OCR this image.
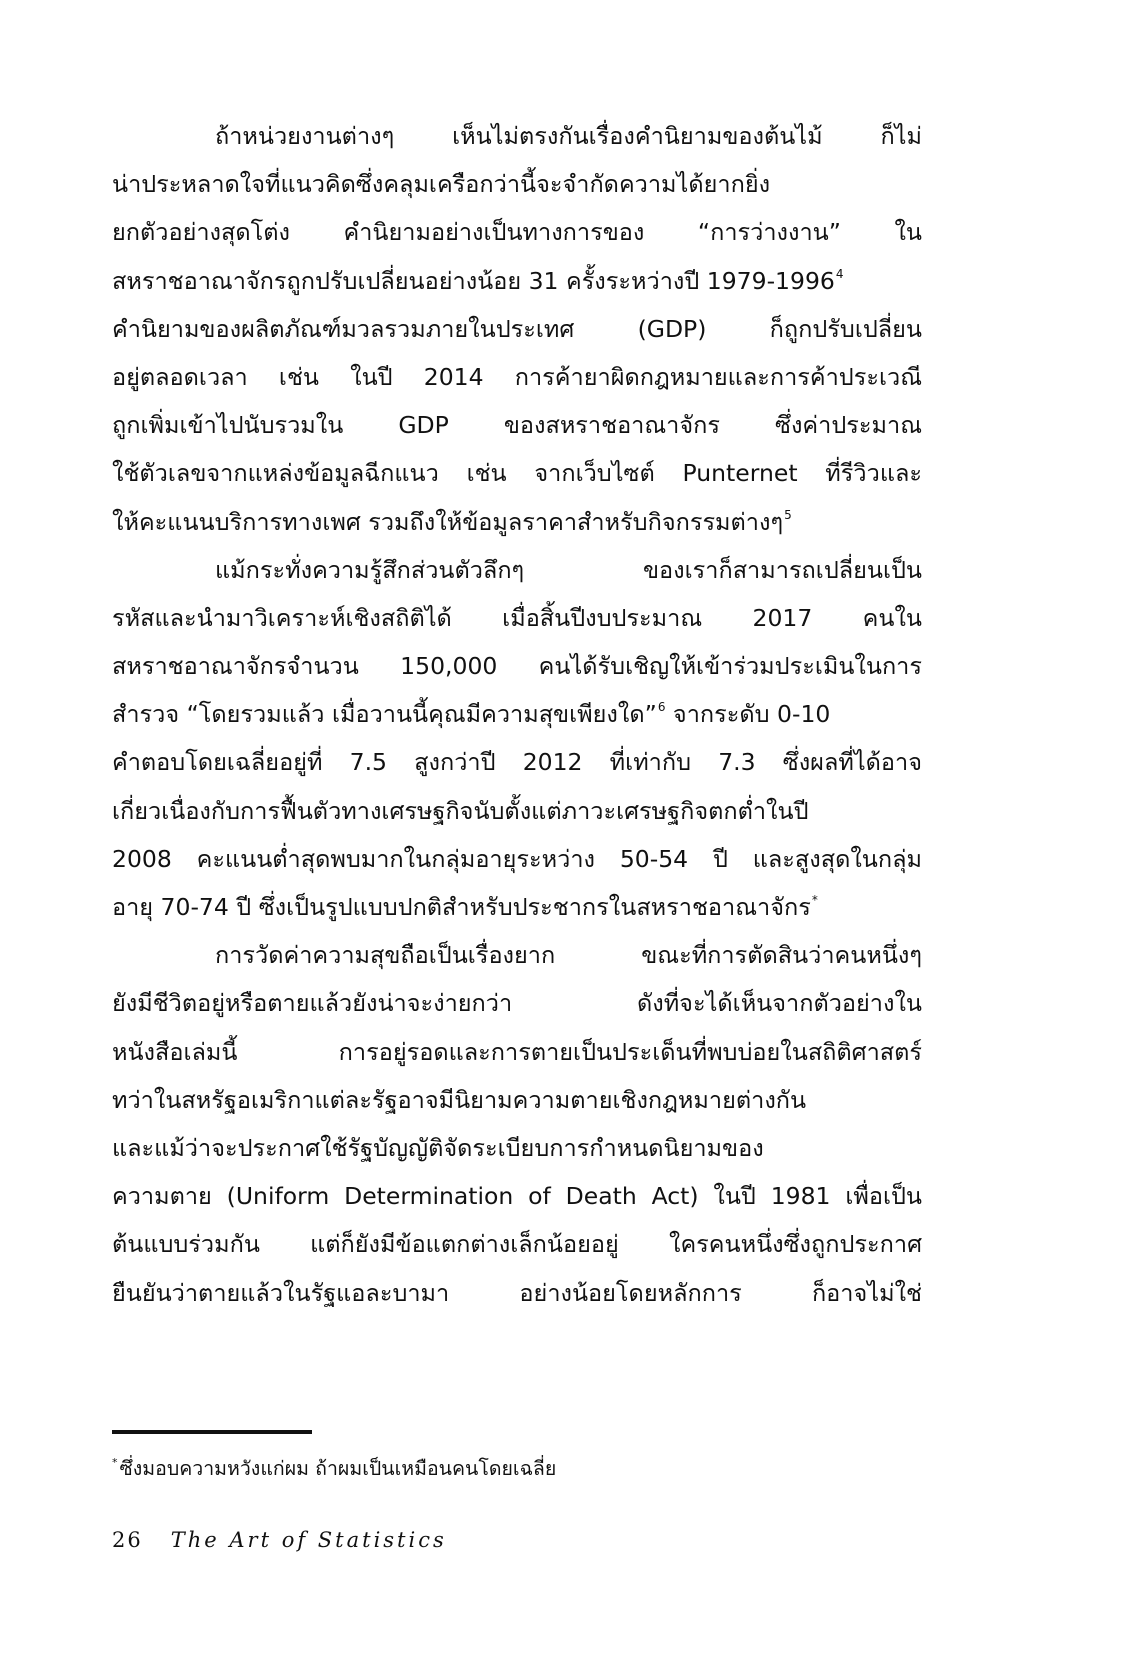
ถ้าหน่วยงานต่างๆ เห็นไม่ตรงกันเรื่องคำนิยามของต้นไม้ ก็ไม่
น่าประหลาดใจที่แนวคิดซึ่งคลุมเครือกว่านี้จะจำกัดความได้ยากยิ่ง
ยกตัวอย่างสุดโต่ง คำนิยามอย่างเป็นทางการของ “การว่างงาน” ใน
สหราชอาณาจักรถูกปรับเปลี่ยนอย่างน้อย 31 ครั้งระหว่างปี 1979-1996$^4$
คำนิยามของผลิตภัณฑ์มวลรวมภายในประเทศ (GDP) ก็ถูกปรับเปลี่ยน
อยู่ตลอดเวลา เช่น ในปี 2014 การค้ายาผิดกฎหมายและการค้าประเวณี
ถูกเพิ่มเข้าไปนับรวมใน GDP ของสหราชอาณาจักร ซึ่งค่าประมาณ
ใช้ตัวเลขจากแหล่งข้อมูลฉีกแนว เช่น จากเว็บไซต์ Punternet ที่รีวิวและ
ให้คะแนนบริการทางเพศ รวมถึงให้ข้อมูลราคาสำหรับกิจกรรมต่างๆ$^5$
แม้กระทั่งความรู้สึกส่วนตัวลึกๆ ของเราก็สามารถเปลี่ยนเป็น
รหัสและนำมาวิเคราะห์เชิงสถิติได้ เมื่อสิ้นปีงบประมาณ 2017 คนใน
สหราชอาณาจักรจำนวน 150,000 คนได้รับเชิญให้เข้าร่วมประเมินในการ
สำรวจ “โดยรวมแล้ว เมื่อวานนี้คุณมีความสุขเพียงใด”$^6$ จากระดับ 0-10
คำตอบโดยเฉลี่ยอยู่ที่ 7.5 สูงกว่าปี 2012 ที่เท่ากับ 7.3 ซึ่งผลที่ได้อาจ
เกี่ยวเนื่องกับการฟื้นตัวทางเศรษฐกิจนับตั้งแต่ภาวะเศรษฐกิจตกต่ำในปี
2008 คะแนนต่ำสุดพบมากในกลุ่มอายุระหว่าง 50-54 ปี และสูงสุดในกลุ่ม
อายุ 70-74 ปี ซึ่งเป็นรูปแบบปกติสำหรับประชากรในสหราชอาณาจักร*
การวัดค่าความสุขถือเป็นเรื่องยาก ขณะที่การตัดสินว่าคนหนึ่งๆ
ยังมีชีวิตอยู่หรือตายแล้วยังน่าจะง่ายกว่า ดังที่จะได้เห็นจากตัวอย่างใน
หนังสือเล่มนี้ การอยู่รอดและการตายเป็นประเด็นที่พบบ่อยในสถิติศาสตร์
ทว่าในสหรัฐอเมริกาแต่ละรัฐอาจมีนิยามความตายเชิงกฎหมายต่างกัน
และแม้ว่าจะประกาศใช้รัฐบัญญัติจัดระเบียบการกำหนดนิยามของ
ความตาย (Uniform Determination of Death Act) ในปี 1981 เพื่อเป็น
ต้นแบบร่วมกัน แต่ก็ยังมีข้อแตกต่างเล็กน้อยอยู่ ใครคนหนึ่งซึ่งถูกประกาศ
ยืนยันว่าตายแล้วในรัฐแอละบามา อย่างน้อยโดยหลักการ ก็อาจไม่ใช่
* ซึ่งมอบความหวังแก่ผม ถ้าผมเป็นเหมือนคนโดยเฉลี่ย
26 The Art of Statistics
